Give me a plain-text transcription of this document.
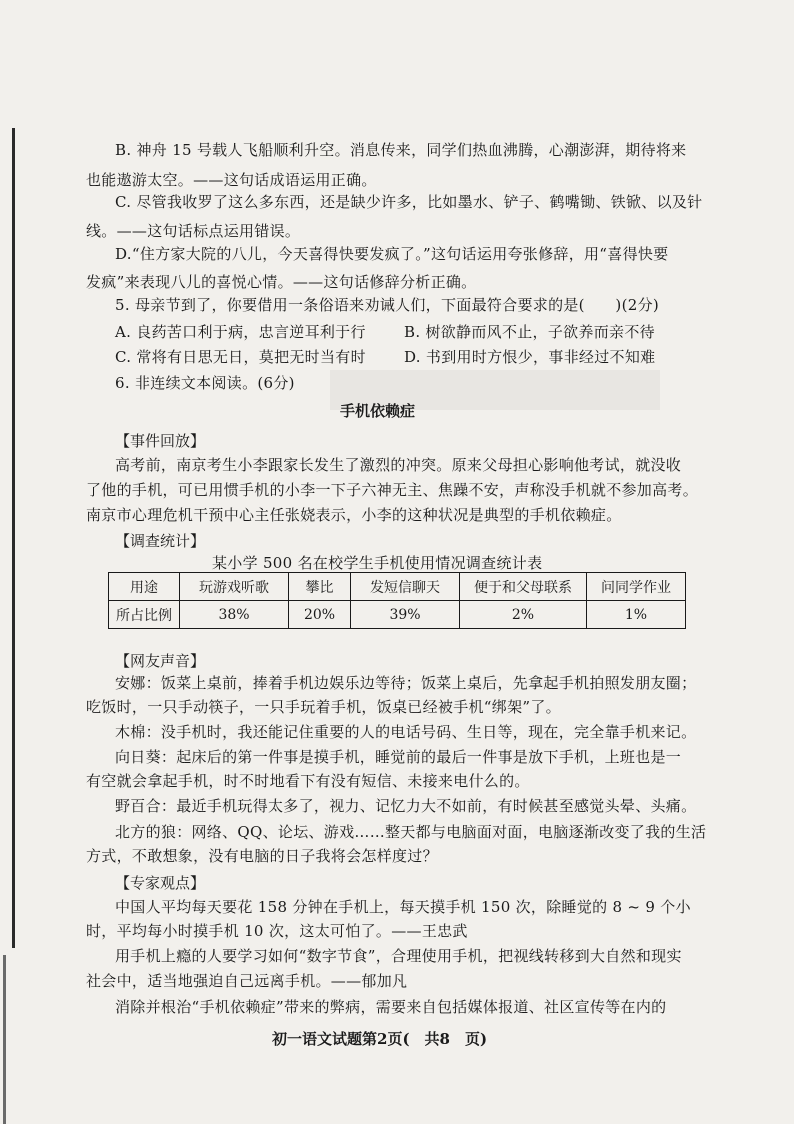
B. 神舟 15 号载人飞船顺利升空。消息传来，同学们热血沸腾，心潮澎湃，期待将来
也能遨游太空。——这句话成语运用正确。
C. 尽管我收罗了这么多东西，还是缺少许多，比如墨水、铲子、鹤嘴锄、铁锨、以及针
线。——这句话标点运用错误。
D.“住方家大院的八儿，今天喜得快要发疯了。”这句话运用夸张修辞，用“喜得快要
发疯”来表现八儿的喜悦心情。——这句话修辞分析正确。
5. 母亲节到了，你要借用一条俗语来劝诫人们，下面最符合要求的是(　　)(2分)
A. 良药苦口利于病，忠言逆耳利于行	B. 树欲静而风不止，子欲养而亲不待
C. 常将有日思无日，莫把无时当有时	D. 书到用时方恨少，事非经过不知难
6. 非连续文本阅读。(6分)
手机依赖症
【事件回放】
高考前，南京考生小李跟家长发生了激烈的冲突。原来父母担心影响他考试，就没收
了他的手机，可已用惯手机的小李一下子六神无主、焦躁不安，声称没手机就不参加高考。
南京市心理危机干预中心主任张娆表示，小李的这种状况是典型的手机依赖症。
【调查统计】
某小学 500 名在校学生手机使用情况调查统计表
用途	玩游戏听歌	攀比	发短信聊天	便于和父母联系	问同学作业
所占比例	38%	20%	39%	2%	1%
【网友声音】
安娜：饭菜上桌前，捧着手机边娱乐边等待；饭菜上桌后，先拿起手机拍照发朋友圈；
吃饭时，一只手动筷子，一只手玩着手机，饭桌已经被手机“绑架”了。
木棉：没手机时，我还能记住重要的人的电话号码、生日等，现在，完全靠手机来记。
向日葵：起床后的第一件事是摸手机，睡觉前的最后一件事是放下手机，上班也是一
有空就会拿起手机，时不时地看下有没有短信、未接来电什么的。
野百合：最近手机玩得太多了，视力、记忆力大不如前，有时候甚至感觉头晕、头痛。
北方的狼：网络、QQ、论坛、游戏……整天都与电脑面对面，电脑逐渐改变了我的生活
方式，不敢想象，没有电脑的日子我将会怎样度过？
【专家观点】
中国人平均每天要花 158 分钟在手机上，每天摸手机 150 次，除睡觉的 8 ~ 9 个小
时，平均每小时摸手机 10 次，这太可怕了。——王忠武
用手机上瘾的人要学习如何“数字节食”，合理使用手机，把视线转移到大自然和现实
社会中，适当地强迫自己远离手机。——郁加凡
消除并根治“手机依赖症”带来的弊病，需要来自包括媒体报道、社区宣传等在内的
初一语文试题第2页(　共8　页)
